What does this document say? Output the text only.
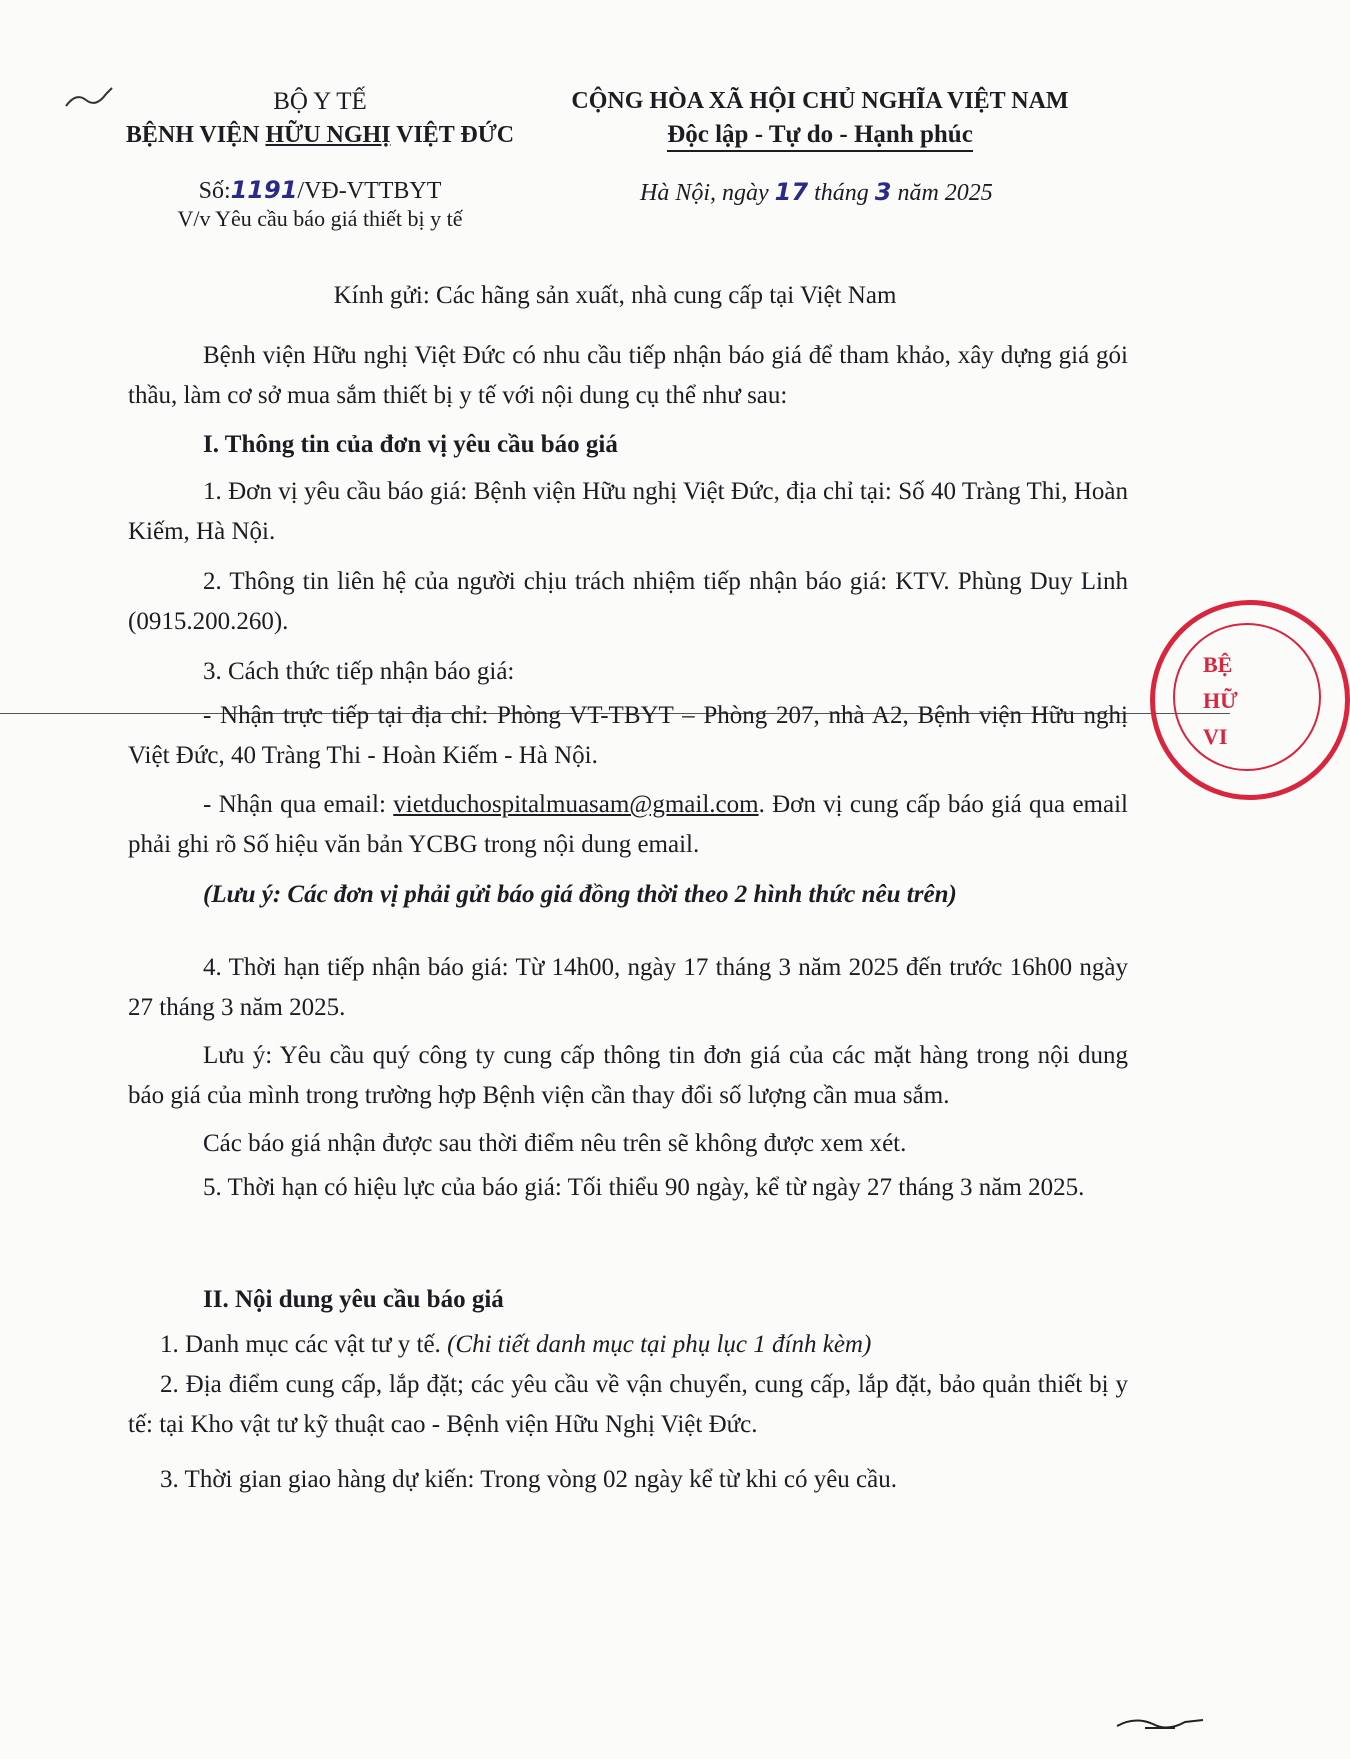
BỘ Y TẾ
BỆNH VIỆN HỮU NGHỊ VIỆT ĐỨC
CỘNG HÒA XÃ HỘI CHỦ NGHĨA VIỆT NAM
Độc lập - Tự do - Hạnh phúc
Số:1191/VĐ-VTTBYT
V/v Yêu cầu báo giá thiết bị y tế
Hà Nội, ngày 17 tháng 3 năm 2025
Kính gửi: Các hãng sản xuất, nhà cung cấp tại Việt Nam
Bệnh viện Hữu nghị Việt Đức có nhu cầu tiếp nhận báo giá để tham khảo, xây dựng giá gói thầu, làm cơ sở mua sắm thiết bị y tế với nội dung cụ thể như sau:
I. Thông tin của đơn vị yêu cầu báo giá
1. Đơn vị yêu cầu báo giá: Bệnh viện Hữu nghị Việt Đức, địa chỉ tại: Số 40 Tràng Thi, Hoàn Kiếm, Hà Nội.
2. Thông tin liên hệ của người chịu trách nhiệm tiếp nhận báo giá: KTV. Phùng Duy Linh (0915.200.260).
3. Cách thức tiếp nhận báo giá:
- Nhận trực tiếp tại địa chỉ: Phòng VT-TBYT – Phòng 207, nhà A2, Bệnh viện Hữu nghị Việt Đức, 40 Tràng Thi - Hoàn Kiếm - Hà Nội.
- Nhận qua email: vietduchospitalmuasam@gmail.com. Đơn vị cung cấp báo giá qua email phải ghi rõ Số hiệu văn bản YCBG trong nội dung email.
(Lưu ý: Các đơn vị phải gửi báo giá đồng thời theo 2 hình thức nêu trên)
4. Thời hạn tiếp nhận báo giá: Từ 14h00, ngày 17 tháng 3 năm 2025 đến trước 16h00 ngày 27 tháng 3 năm 2025.
Lưu ý: Yêu cầu quý công ty cung cấp thông tin đơn giá của các mặt hàng trong nội dung báo giá của mình trong trường hợp Bệnh viện cần thay đổi số lượng cần mua sắm.
Các báo giá nhận được sau thời điểm nêu trên sẽ không được xem xét.
5. Thời hạn có hiệu lực của báo giá: Tối thiểu 90 ngày, kể từ ngày 27 tháng 3 năm 2025.
II. Nội dung yêu cầu báo giá
1. Danh mục các vật tư y tế. (Chi tiết danh mục tại phụ lục 1 đính kèm)
2. Địa điểm cung cấp, lắp đặt; các yêu cầu về vận chuyển, cung cấp, lắp đặt, bảo quản thiết bị y tế: tại Kho vật tư kỹ thuật cao - Bệnh viện Hữu Nghị Việt Đức.
3. Thời gian giao hàng dự kiến: Trong vòng 02 ngày kể từ khi có yêu cầu.
BỆ
HỮ
VI
